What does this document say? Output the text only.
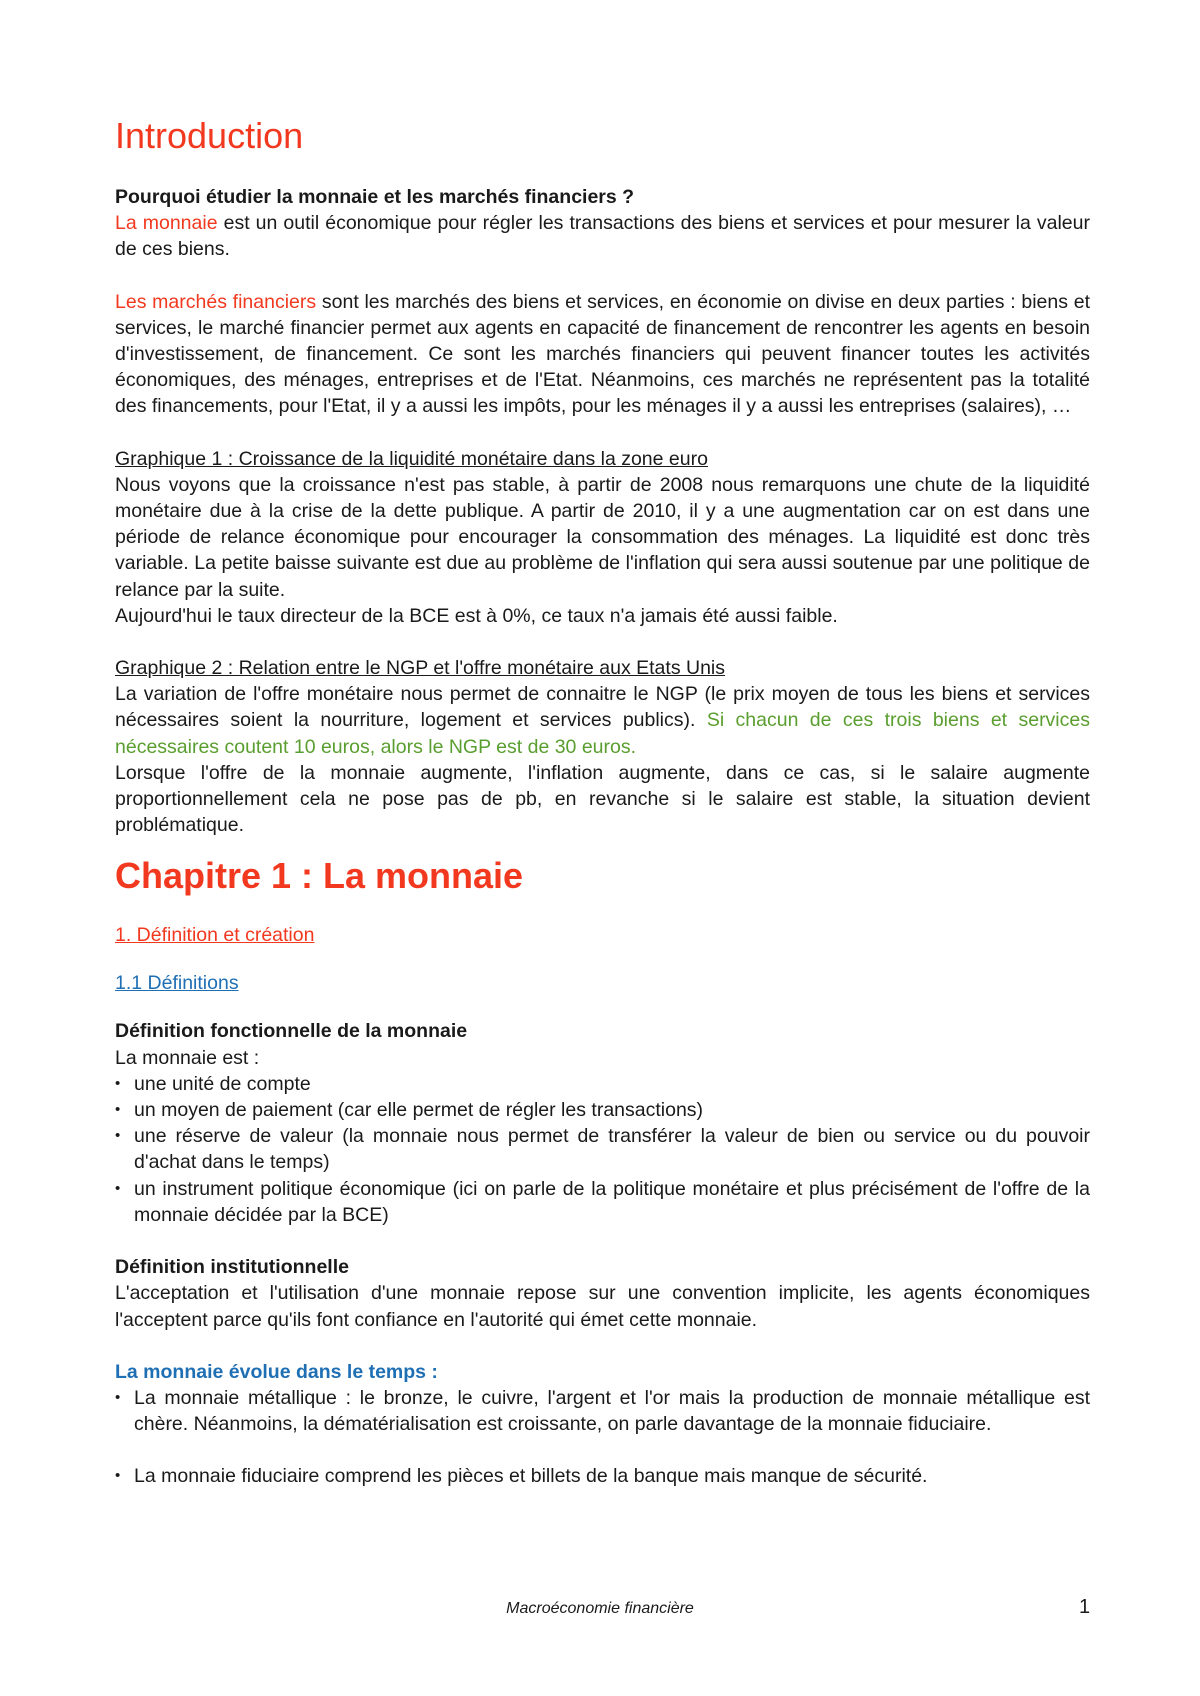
Introduction

Pourquoi étudier la monnaie et les marchés financiers ?

La monnaie est un outil économique pour régler les transactions des biens et services et pour mesurer la valeur de ces biens.

Les marchés financiers sont les marchés des biens et services, en économie on divise en deux parties : biens et services, le marché financier permet aux agents en capacité de financement de rencontrer les agents en besoin d'investissement, de financement. Ce sont les marchés financiers qui peuvent financer toutes les activités économiques, des ménages, entreprises et de l'Etat. Néanmoins, ces marchés ne représentent pas la totalité des financements, pour l'Etat, il y a aussi les impôts, pour les ménages il y a aussi les entreprises (salaires), …

Graphique 1 : Croissance de la liquidité monétaire dans la zone euro

Nous voyons que la croissance n'est pas stable, à partir de 2008 nous remarquons une chute de la liquidité monétaire due à la crise de la dette publique. A partir de 2010, il y a une augmentation car on est dans une période de relance économique pour encourager la consommation des ménages. La liquidité est donc très variable. La petite baisse suivante est due au problème de l'inflation qui sera aussi soutenue par une politique de relance par la suite.

Aujourd'hui le taux directeur de la BCE est à 0%, ce taux n'a jamais été aussi faible.

Graphique 2 : Relation entre le NGP et l'offre monétaire aux Etats Unis

La variation de l'offre monétaire nous permet de connaitre le NGP (le prix moyen de tous les biens et services nécessaires soient la nourriture, logement et services publics). Si chacun de ces trois biens et services nécessaires coutent 10 euros, alors le NGP est de 30 euros.

Lorsque l'offre de la monnaie augmente, l'inflation augmente, dans ce cas, si le salaire augmente proportionnellement cela ne pose pas de pb, en revanche si le salaire est stable, la situation devient problématique.

Chapitre 1 : La monnaie

1. Définition et création

1.1 Définitions

Définition fonctionnelle de la monnaie

La monnaie est :

• une unité de compte
• un moyen de paiement (car elle permet de régler les transactions)
• une réserve de valeur (la monnaie nous permet de transférer la valeur de bien ou service ou du pouvoir d'achat dans le temps)
• un instrument politique économique (ici on parle de la politique monétaire et plus précisément de l'offre de la monnaie décidée par la BCE)

Définition institutionnelle

L'acceptation et l'utilisation d'une monnaie repose sur une convention implicite, les agents économiques l'acceptent parce qu'ils font confiance en l'autorité qui émet cette monnaie.

La monnaie évolue dans le temps :

• La monnaie métallique : le bronze, le cuivre, l'argent et l'or mais la production de monnaie métallique est chère. Néanmoins, la dématérialisation est croissante, on parle davantage de la monnaie fiduciaire.
• La monnaie fiduciaire comprend les pièces et billets de la banque mais manque de sécurité.
Macroéconomie financière	1
